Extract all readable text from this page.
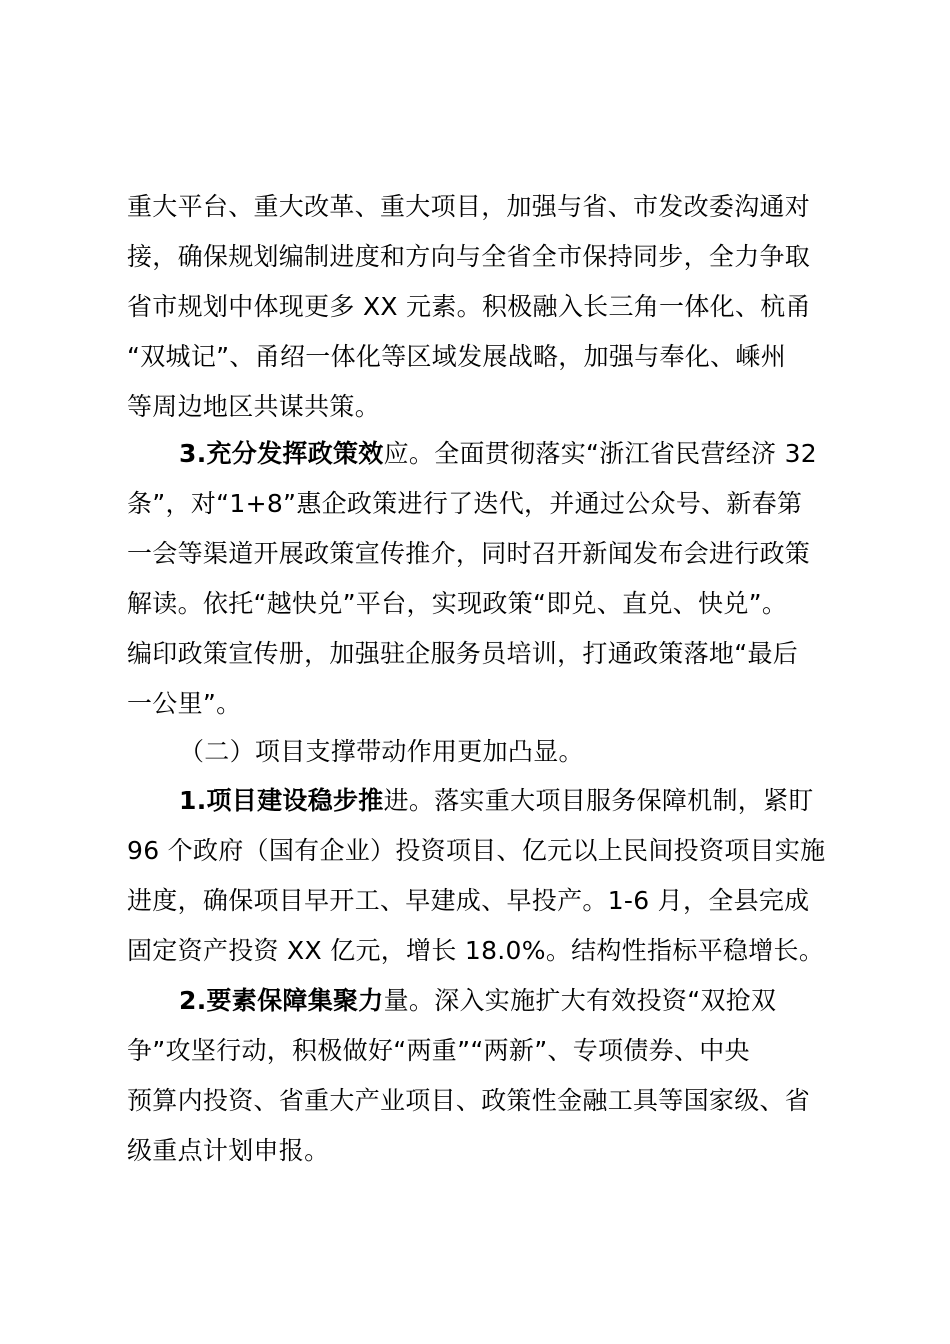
重大平台、重大改革、重大项目，加强与省、市发改委沟通对
接，确保规划编制进度和方向与全省全市保持同步，全力争取
省市规划中体现更多 XX 元素。积极融入长三角一体化、杭甬
“双城记”、甬绍一体化等区域发展战略，加强与奉化、嵊州
等周边地区共谋共策。
3.充分发挥政策效应。全面贯彻落实“浙江省民营经济 32
条”，对“1+8”惠企政策进行了迭代，并通过公众号、新春第
一会等渠道开展政策宣传推介，同时召开新闻发布会进行政策
解读。依托“越快兑”平台，实现政策“即兑、直兑、快兑”。
编印政策宣传册，加强驻企服务员培训，打通政策落地“最后
一公里”。
（二）项目支撑带动作用更加凸显。
1.项目建设稳步推进。落实重大项目服务保障机制，紧盯
96 个政府（国有企业）投资项目、亿元以上民间投资项目实施
进度，确保项目早开工、早建成、早投产。1-6 月，全县完成
固定资产投资 XX 亿元，增长 18.0%。结构性指标平稳增长。
2.要素保障集聚力量。深入实施扩大有效投资“双抢双
争”攻坚行动，积极做好“两重”“两新”、专项债券、中央
预算内投资、省重大产业项目、政策性金融工具等国家级、省
级重点计划申报。
